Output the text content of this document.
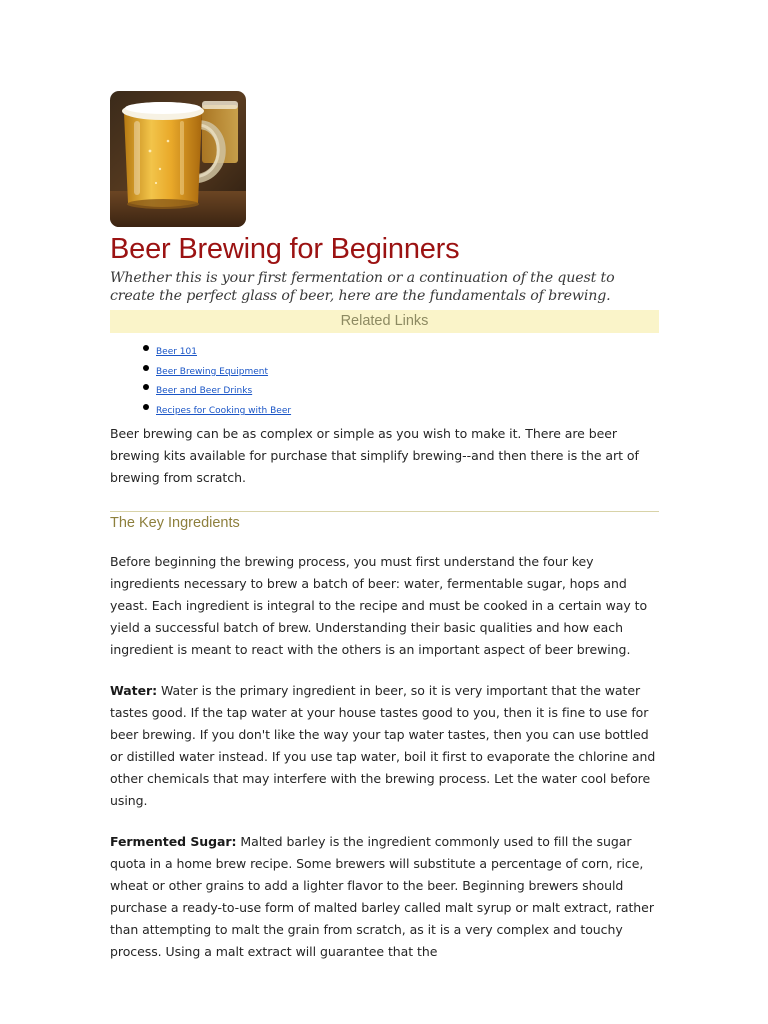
Beer Brewing for Beginners

Whether this is your first fermentation or a continuation of the quest to create the perfect glass of beer, here are the fundamentals of brewing.

Related Links
Beer 101
Beer Brewing Equipment
Beer and Beer Drinks
Recipes for Cooking with Beer

Beer brewing can be as complex or simple as you wish to make it. There are beer brewing kits available for purchase that simplify brewing--and then there is the art of brewing from scratch.

The Key Ingredients

Before beginning the brewing process, you must first understand the four key ingredients necessary to brew a batch of beer: water, fermentable sugar, hops and yeast. Each ingredient is integral to the recipe and must be cooked in a certain way to yield a successful batch of brew. Understanding their basic qualities and how each ingredient is meant to react with the others is an important aspect of beer brewing.

Water: Water is the primary ingredient in beer, so it is very important that the water tastes good. If the tap water at your house tastes good to you, then it is fine to use for beer brewing. If you don't like the way your tap water tastes, then you can use bottled or distilled water instead. If you use tap water, boil it first to evaporate the chlorine and other chemicals that may interfere with the brewing process. Let the water cool before using.

Fermented Sugar: Malted barley is the ingredient commonly used to fill the sugar quota in a home brew recipe. Some brewers will substitute a percentage of corn, rice, wheat or other grains to add a lighter flavor to the beer. Beginning brewers should purchase a ready-to-use form of malted barley called malt syrup or malt extract, rather than attempting to malt the grain from scratch, as it is a very complex and touchy process. Using a malt extract will guarantee that the
